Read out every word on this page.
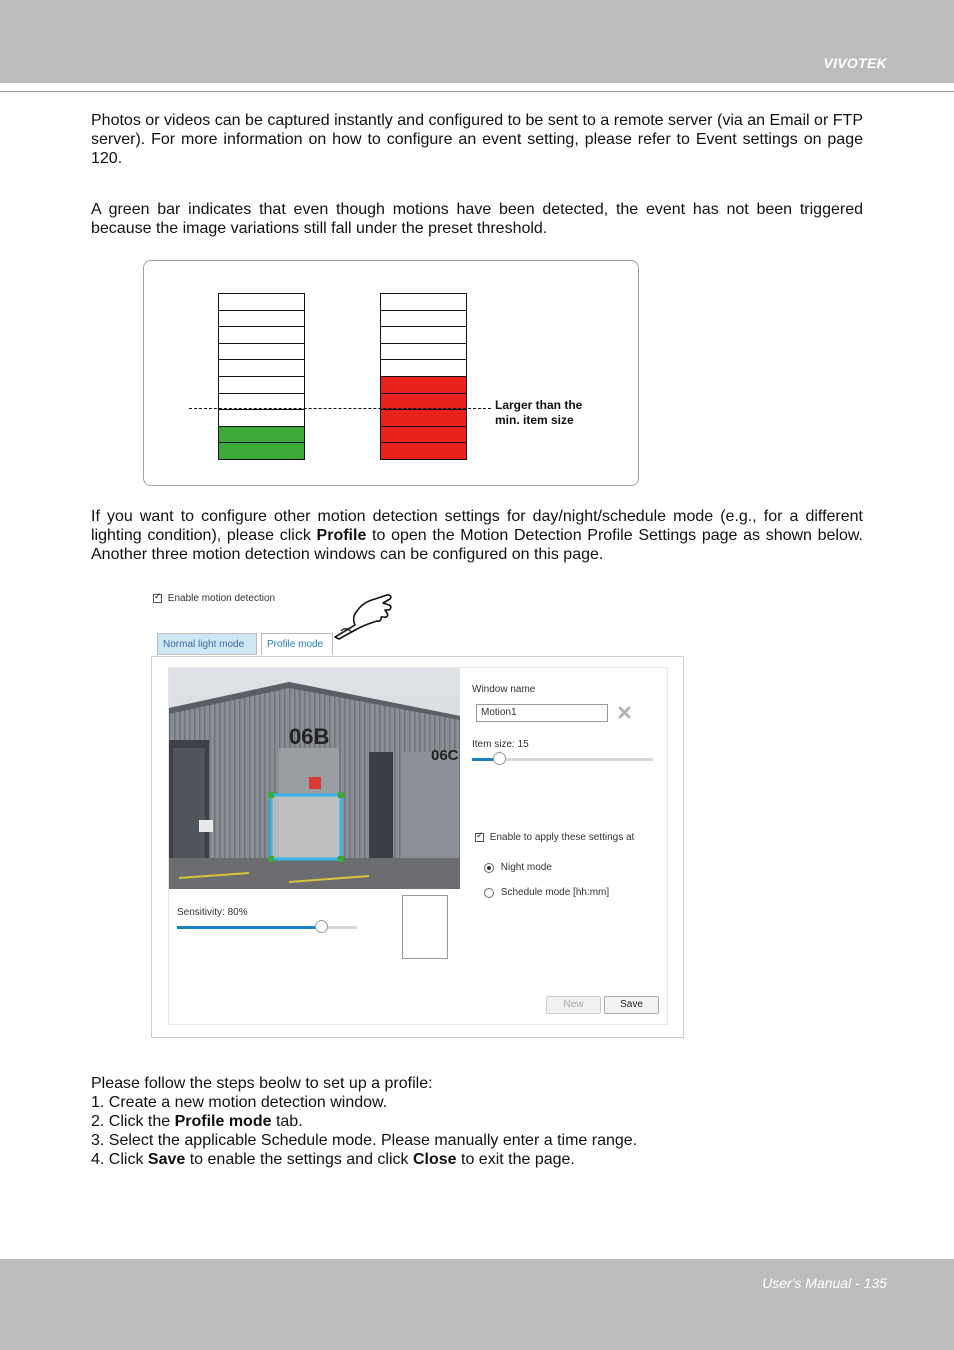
VIVOTEK
Photos or videos can be captured instantly and configured to be sent to a remote server (via an Email or FTP server). For more information on how to configure an event setting, please refer to Event settings on page 120.
A green bar indicates that even though motions have been detected, the event has not been triggered because the image variations still fall under the preset threshold.
Larger than the
min. item size
If you want to configure other motion detection settings for day/night/schedule mode (e.g., for a different lighting condition), please click Profile to open the Motion Detection Profile Settings page as shown below. Another three motion detection windows can be configured on this page.
✓ Enable motion detection
Normal light mode	Profile mode
06B
06C
Sensitivity: 80%
Window name
Motion1
Item size: 15
✓ Enable to apply these settings at
Night mode
Schedule mode [hh:mm]
New	Save
Please follow the steps beolw to set up a profile:
1. Create a new motion detection window.
2. Click the Profile mode tab.
3. Select the applicable Schedule mode. Please manually enter a time range.
4. Click Save to enable the settings and click Close to exit the page.
User's Manual - 135
